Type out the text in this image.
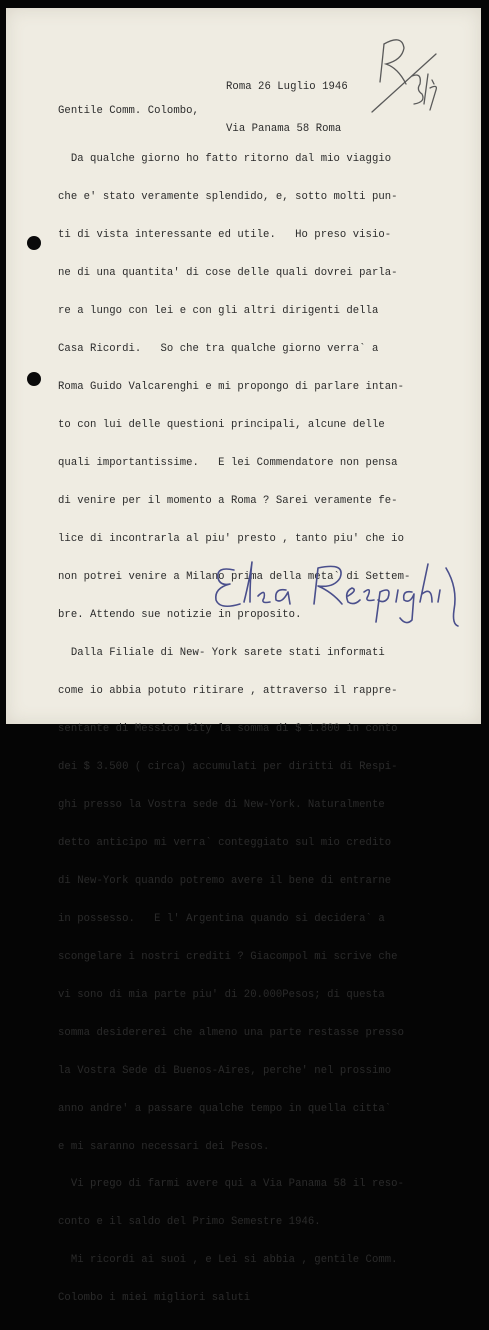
Roma 26 Luglio 1946

Via Panama 58 Roma

Gentile Comm. Colombo,

Da qualche giorno ho fatto ritorno dal mio viaggio

che e' stato veramente splendido, e, sotto molti pun-

ti di vista interessante ed utile.   Ho preso visio-

ne di una quantita' di cose delle quali dovrei parla-

re a lungo con lei e con gli altri dirigenti della

Casa Ricordi.   So che tra qualche giorno verra` a

Roma Guido Valcarenghi e mi propongo di parlare intan-

to con lui delle questioni principali, alcune delle

quali importantissime.   E lei Commendatore non pensa

di venire per il momento a Roma ? Sarei veramente fe-

lice di incontrarla al piu' presto , tanto piu' che io

non potrei venire a Milano prima della meta` di Settem-

bre. Attendo sue notizie in proposito.

Dalla Filiale di New- York sarete stati informati

come io abbia potuto ritirare , attraverso il rappre-

sentante di Messico City la somma di $ 1.800 in conto

dei $ 3.500 ( circa) accumulati per diritti di Respi-

ghi presso la Vostra sede di New-York. Naturalmente

detto anticipo mi verra` conteggiato sul mio credito

di New-York quando potremo avere il bene di entrarne

in possesso.   E l' Argentina quando si decidera` a

scongelare i nostri crediti ? Giacompol mi scrive che

vi sono di mia parte piu' di 20.000Pesos; di questa

somma desidererei che almeno una parte restasse presso

la Vostra Sede di Buenos-Aires, perche' nel prossimo

anno andre' a passare qualche tempo in quella citta`

e mi saranno necessari dei Pesos.

Vi prego di farmi avere qui a Via Panama 58 il reso-

conto e il saldo del Primo Semestre 1946.

Mi ricordi ai suoi , e Lei si abbia , gentile Comm.

Colombo i miei migliori saluti
